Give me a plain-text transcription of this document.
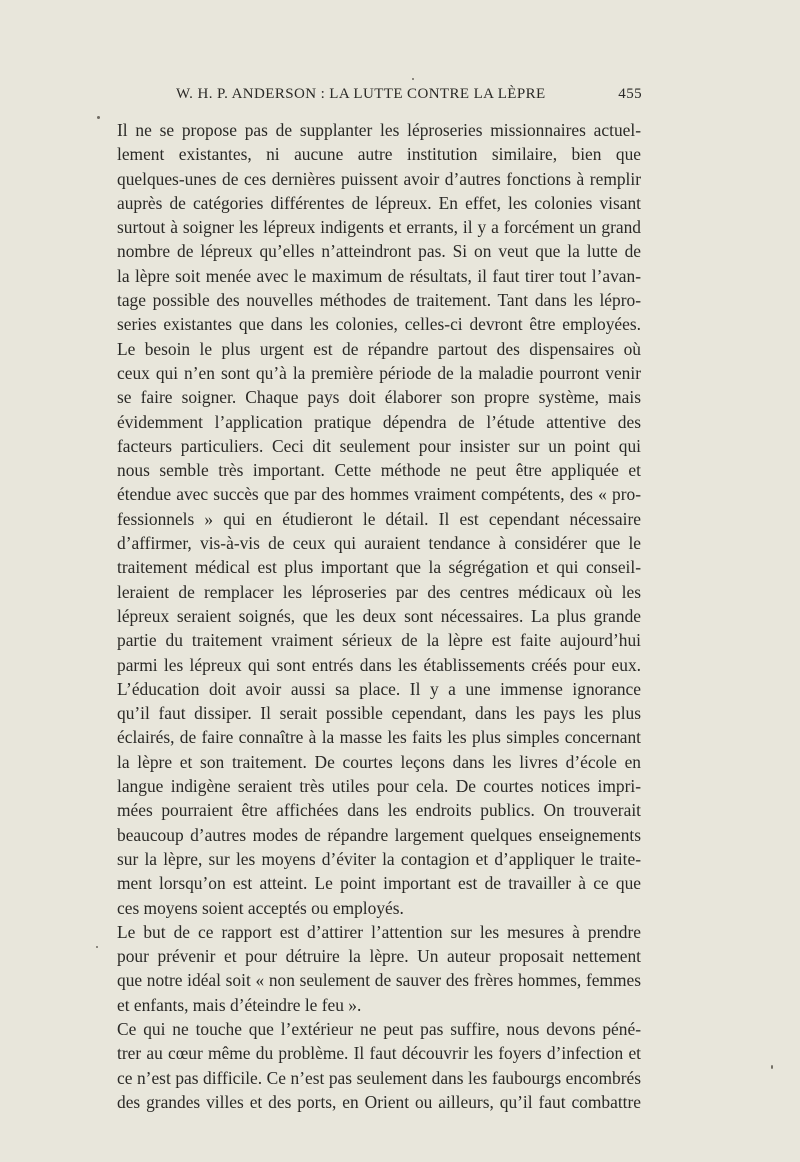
W. H. P. ANDERSON : LA LUTTE CONTRE LA LÈPRE	455
Il ne se propose pas de supplanter les léproseries missionnaires actuel-
lement existantes, ni aucune autre institution similaire, bien que
quelques-unes de ces dernières puissent avoir d’autres fonctions à remplir
auprès de catégories différentes de lépreux. En effet, les colonies visant
surtout à soigner les lépreux indigents et errants, il y a forcément un grand
nombre de lépreux qu’elles n’atteindront pas. Si on veut que la lutte de
la lèpre soit menée avec le maximum de résultats, il faut tirer tout l’avan-
tage possible des nouvelles méthodes de traitement. Tant dans les lépro-
series existantes que dans les colonies, celles-ci devront être employées.
Le besoin le plus urgent est de répandre partout des dispensaires où
ceux qui n’en sont qu’à la première période de la maladie pourront venir
se faire soigner. Chaque pays doit élaborer son propre système, mais
évidemment l’application pratique dépendra de l’étude attentive des
facteurs particuliers. Ceci dit seulement pour insister sur un point qui
nous semble très important. Cette méthode ne peut être appliquée et
étendue avec succès que par des hommes vraiment compétents, des « pro-
fessionnels » qui en étudieront le détail. Il est cependant nécessaire
d’affirmer, vis-à-vis de ceux qui auraient tendance à considérer que le
traitement médical est plus important que la ségrégation et qui conseil-
leraient de remplacer les léproseries par des centres médicaux où les
lépreux seraient soignés, que les deux sont nécessaires. La plus grande
partie du traitement vraiment sérieux de la lèpre est faite aujourd’hui
parmi les lépreux qui sont entrés dans les établissements créés pour eux.
L’éducation doit avoir aussi sa place. Il y a une immense ignorance
qu’il faut dissiper. Il serait possible cependant, dans les pays les plus
éclairés, de faire connaître à la masse les faits les plus simples concernant
la lèpre et son traitement. De courtes leçons dans les livres d’école en
langue indigène seraient très utiles pour cela. De courtes notices impri-
mées pourraient être affichées dans les endroits publics. On trouverait
beaucoup d’autres modes de répandre largement quelques enseignements
sur la lèpre, sur les moyens d’éviter la contagion et d’appliquer le traite-
ment lorsqu’on est atteint. Le point important est de travailler à ce que
ces moyens soient acceptés ou employés.
Le but de ce rapport est d’attirer l’attention sur les mesures à prendre
pour prévenir et pour détruire la lèpre. Un auteur proposait nettement
que notre idéal soit « non seulement de sauver des frères hommes, femmes
et enfants, mais d’éteindre le feu ».
Ce qui ne touche que l’extérieur ne peut pas suffire, nous devons péné-
trer au cœur même du problème. Il faut découvrir les foyers d’infection et
ce n’est pas difficile. Ce n’est pas seulement dans les faubourgs encombrés
des grandes villes et des ports, en Orient ou ailleurs, qu’il faut combattre
